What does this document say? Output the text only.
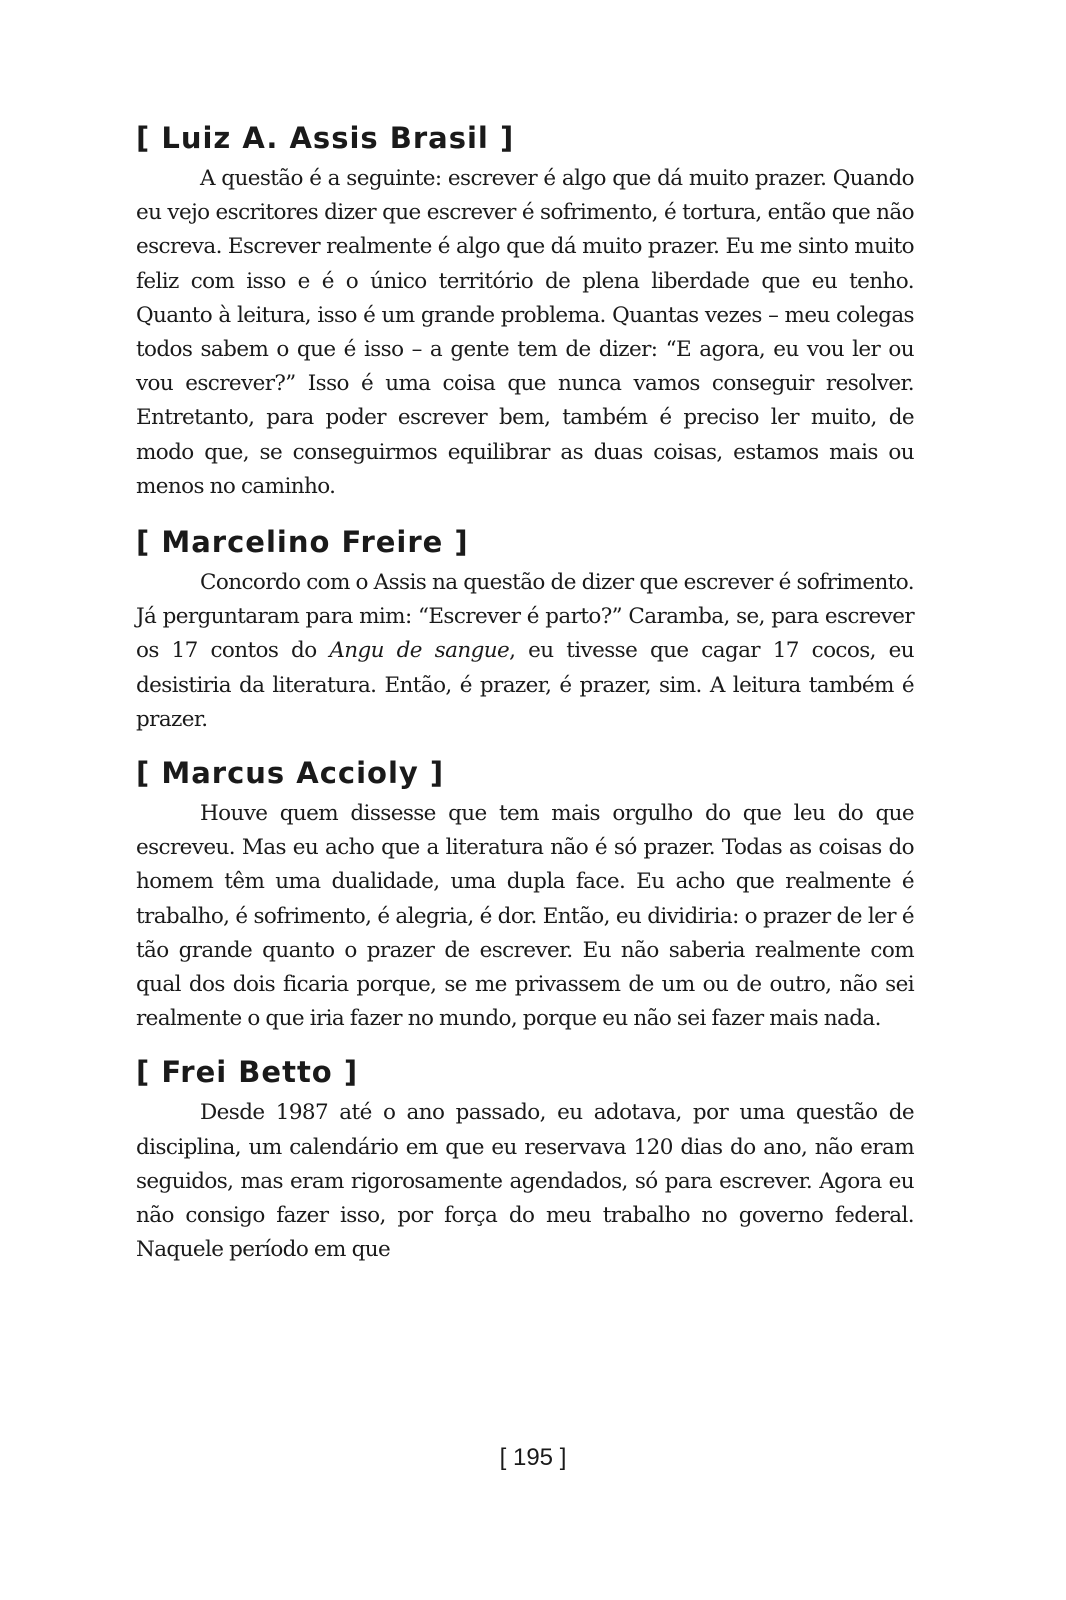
[ Luiz A. Assis Brasil ]

A questão é a seguinte: escrever é algo que dá muito prazer. Quando eu vejo escritores dizer que escrever é sofrimento, é tortura, então que não escreva. Escrever realmente é algo que dá muito prazer. Eu me sinto muito feliz com isso e é o único território de plena liberdade que eu tenho. Quanto à leitura, isso é um grande problema. Quantas vezes – meu colegas todos sabem o que é isso – a gente tem de dizer: “E agora, eu vou ler ou vou escrever?” Isso é uma coisa que nunca vamos conseguir resolver. Entretanto, para poder escrever bem, também é preciso ler muito, de modo que, se conseguirmos equilibrar as duas coisas, estamos mais ou menos no caminho.

[ Marcelino Freire ]

Concordo com o Assis na questão de dizer que escrever é sofrimento. Já perguntaram para mim: “Escrever é parto?” Caramba, se, para escrever os 17 contos do Angu de sangue, eu tivesse que cagar 17 cocos, eu desistiria da literatura. Então, é prazer, é prazer, sim. A leitura também é prazer.

[ Marcus Accioly ]

Houve quem dissesse que tem mais orgulho do que leu do que escreveu. Mas eu acho que a literatura não é só prazer. Todas as coisas do homem têm uma dualidade, uma dupla face. Eu acho que realmente é trabalho, é sofrimento, é alegria, é dor. Então, eu dividiria: o prazer de ler é tão grande quanto o prazer de escrever. Eu não saberia realmente com qual dos dois ficaria porque, se me privassem de um ou de outro, não sei realmente o que iria fazer no mundo, porque eu não sei fazer mais nada.

[ Frei Betto ]

Desde 1987 até o ano passado, eu adotava, por uma questão de disciplina, um calendário em que eu reservava 120 dias do ano, não eram seguidos, mas eram rigorosamente agendados, só para escrever. Agora eu não consigo fazer isso, por força do meu trabalho no governo federal. Naquele período em que

[ 195 ]
